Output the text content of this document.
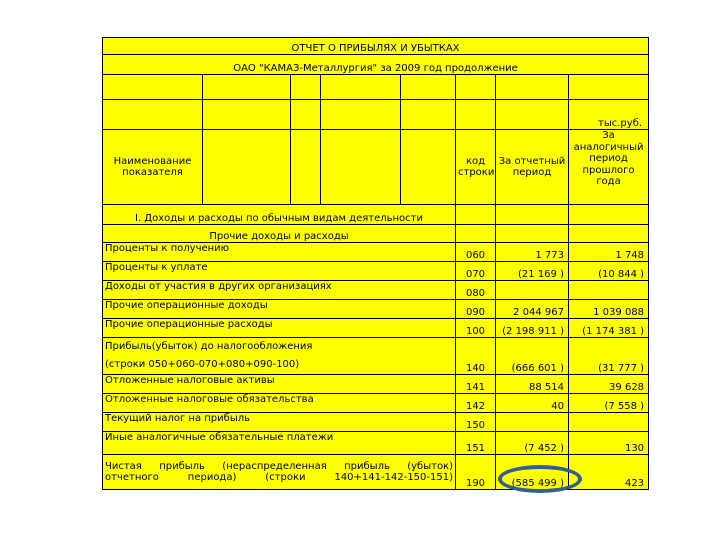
ОТЧЕТ О ПРИБЫЛЯХ И УБЫТКАХ							
ОАО "КАМАЗ-Металлургия" за 2009 год продолжение							

							тыс.руб.
Наименование показателя					код строки	За отчетный период	За аналогичный период прошлого года
I. Доходы и расходы по обычным видам деятельности							
Прочие доходы и расходы							
Проценты к получению					060	1 773	1 748
Проценты к уплате					070	(21 169 )	(10 844 )
Доходы от участия в других организациях					080		
Прочие операционные доходы					090	2 044 967	1 039 088
Прочие операционные расходы					100	(2 198 911 )	(1 174 381 )

Прибыль(убыток) до налогообложения
(строки 050+060-070+080+090-100)					140	(666 601 )	(31 777 )
Отложенные налоговые активы					141	88 514	39 628
Отложенные налоговые обязательства					142	40	(7 558 )
Текущий налог на прибыль					150		
Иные аналогичные обязательные платежи					151	(7 452 )	130
Чистая прибыль (нераспределенная прибыль (убыток) отчетного периода) (строки 140+141-142-150-151)					190	(585 499 )	423
